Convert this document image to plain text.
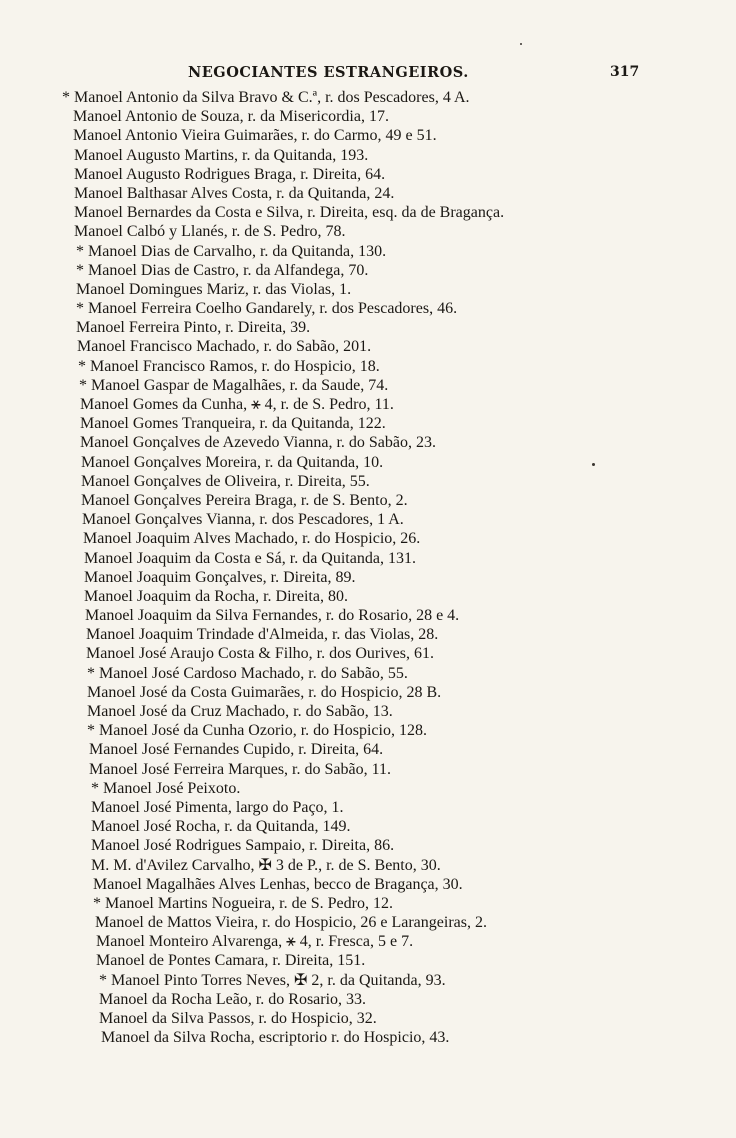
NEGOCIANTES ESTRANGEIROS.	317
* Manoel Antonio da Silva Bravo & C.ª, r. dos Pescadores, 4 A.
Manoel Antonio de Souza, r. da Misericordia, 17.
Manoel Antonio Vieira Guimarães, r. do Carmo, 49 e 51.
Manoel Augusto Martins, r. da Quitanda, 193.
Manoel Augusto Rodrigues Braga, r. Direita, 64.
Manoel Balthasar Alves Costa, r. da Quitanda, 24.
Manoel Bernardes da Costa e Silva, r. Direita, esq. da de Bragança.
Manoel Calbó y Llanés, r. de S. Pedro, 78.
* Manoel Dias de Carvalho, r. da Quitanda, 130.
* Manoel Dias de Castro, r. da Alfandega, 70.
Manoel Domingues Mariz, r. das Violas, 1.
* Manoel Ferreira Coelho Gandarely, r. dos Pescadores, 46.
Manoel Ferreira Pinto, r. Direita, 39.
Manoel Francisco Machado, r. do Sabão, 201.
* Manoel Francisco Ramos, r. do Hospicio, 18.
* Manoel Gaspar de Magalhães, r. da Saude, 74.
Manoel Gomes da Cunha, ⚹ 4, r. de S. Pedro, 11.
Manoel Gomes Tranqueira, r. da Quitanda, 122.
Manoel Gonçalves de Azevedo Vianna, r. do Sabão, 23.
Manoel Gonçalves Moreira, r. da Quitanda, 10.
Manoel Gonçalves de Oliveira, r. Direita, 55.
Manoel Gonçalves Pereira Braga, r. de S. Bento, 2.
Manoel Gonçalves Vianna, r. dos Pescadores, 1 A.
Manoel Joaquim Alves Machado, r. do Hospicio, 26.
Manoel Joaquim da Costa e Sá, r. da Quitanda, 131.
Manoel Joaquim Gonçalves, r. Direita, 89.
Manoel Joaquim da Rocha, r. Direita, 80.
Manoel Joaquim da Silva Fernandes, r. do Rosario, 28 e 4.
Manoel Joaquim Trindade d'Almeida, r. das Violas, 28.
Manoel José Araujo Costa & Filho, r. dos Ourives, 61.
* Manoel José Cardoso Machado, r. do Sabão, 55.
Manoel José da Costa Guimarães, r. do Hospicio, 28 B.
Manoel José da Cruz Machado, r. do Sabão, 13.
* Manoel José da Cunha Ozorio, r. do Hospicio, 128.
Manoel José Fernandes Cupido, r. Direita, 64.
Manoel José Ferreira Marques, r. do Sabão, 11.
* Manoel José Peixoto.
Manoel José Pimenta, largo do Paço, 1.
Manoel José Rocha, r. da Quitanda, 149.
Manoel José Rodrigues Sampaio, r. Direita, 86.
M. M. d'Avilez Carvalho, ✠ 3 de P., r. de S. Bento, 30.
Manoel Magalhães Alves Lenhas, becco de Bragança, 30.
* Manoel Martins Nogueira, r. de S. Pedro, 12.
Manoel de Mattos Vieira, r. do Hospicio, 26 e Larangeiras, 2.
Manoel Monteiro Alvarenga, ⚹ 4, r. Fresca, 5 e 7.
Manoel de Pontes Camara, r. Direita, 151.
* Manoel Pinto Torres Neves, ✠ 2, r. da Quitanda, 93.
Manoel da Rocha Leão, r. do Rosario, 33.
Manoel da Silva Passos, r. do Hospicio, 32.
Manoel da Silva Rocha, escriptorio r. do Hospicio, 43.
